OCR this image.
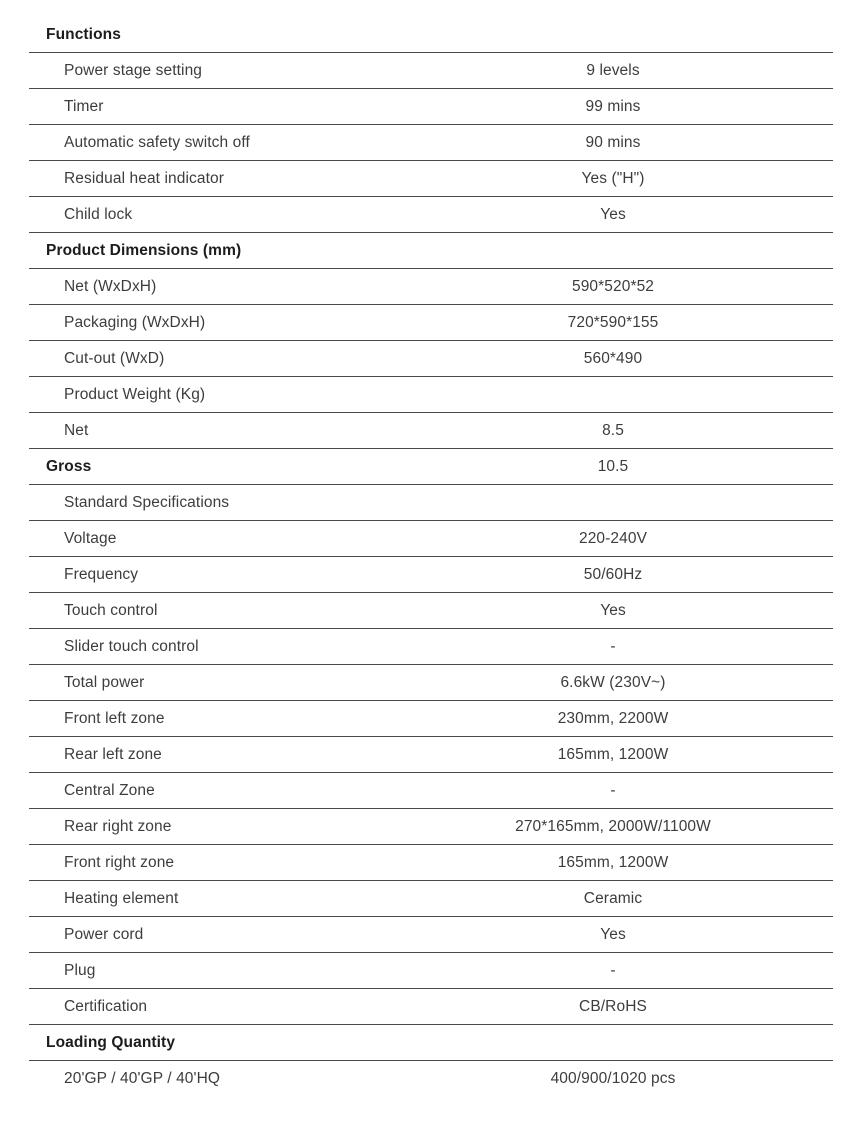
Functions
Power stage setting	9 levels
Timer	99 mins
Automatic safety switch off	90 mins
Residual heat indicator	Yes ("H")
Child lock	Yes
Product Dimensions (mm)
Net (WxDxH)	590*520*52
Packaging (WxDxH)	720*590*155
Cut-out (WxD)	560*490
Product Weight (Kg)
Net	8.5
Gross	10.5
Standard Specifications
Voltage	220-240V
Frequency	50/60Hz
Touch control	Yes
Slider touch control	-
Total power	6.6kW (230V~)
Front left zone	230mm, 2200W
Rear left zone	165mm, 1200W
Central Zone	-
Rear right zone	270*165mm, 2000W/1100W
Front right zone	165mm, 1200W
Heating element	Ceramic
Power cord	Yes
Plug	-
Certification	CB/RoHS
Loading Quantity
20'GP / 40'GP / 40'HQ	400/900/1020 pcs
